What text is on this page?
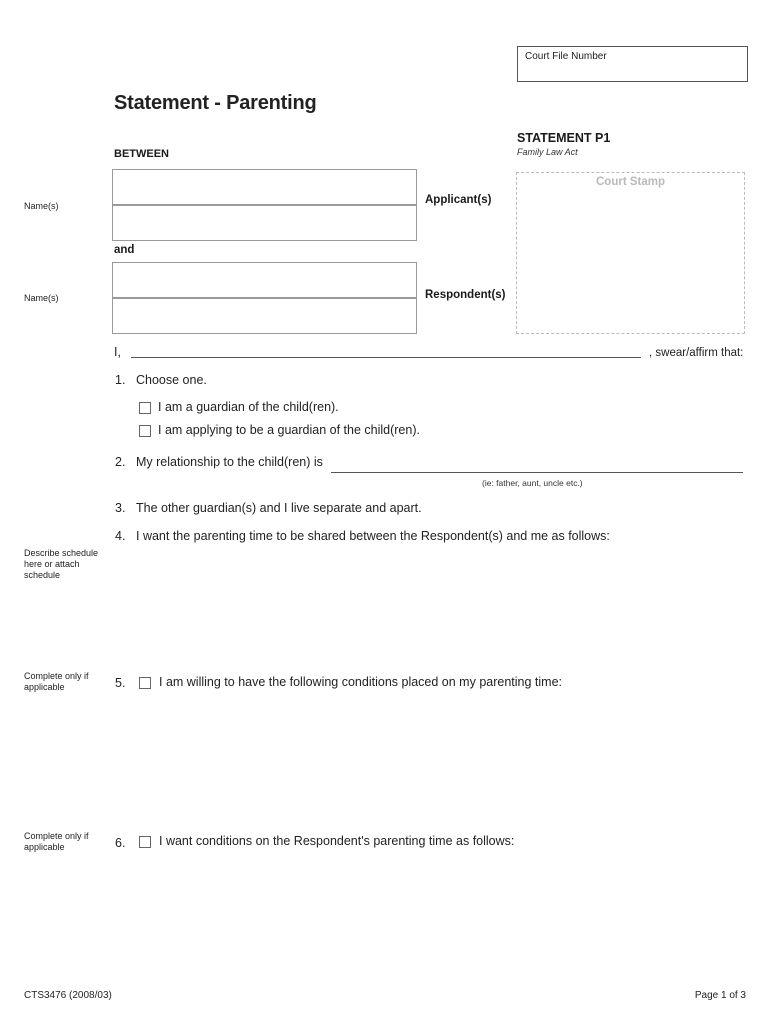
Court File Number
Statement - Parenting
STATEMENT P1
Family Law Act
BETWEEN
Name(s)	Applicant(s)
and
Name(s)	Respondent(s)
Court Stamp
I,	, swear/affirm that:
1. Choose one.
I am a guardian of the child(ren).
I am applying to be a guardian of the child(ren).
2. My relationship to the child(ren) is
(ie: father, aunt, uncle etc.)
3. The other guardian(s) and I live separate and apart.
4. I want the parenting time to be shared between the Respondent(s) and me as follows:
Describe schedule here or attach schedule
Complete only if applicable	5.	I am willing to have the following conditions placed on my parenting time:
Complete only if applicable	6.	I want conditions on the Respondent's parenting time as follows:
CTS3476 (2008/03)	Page 1 of 3
